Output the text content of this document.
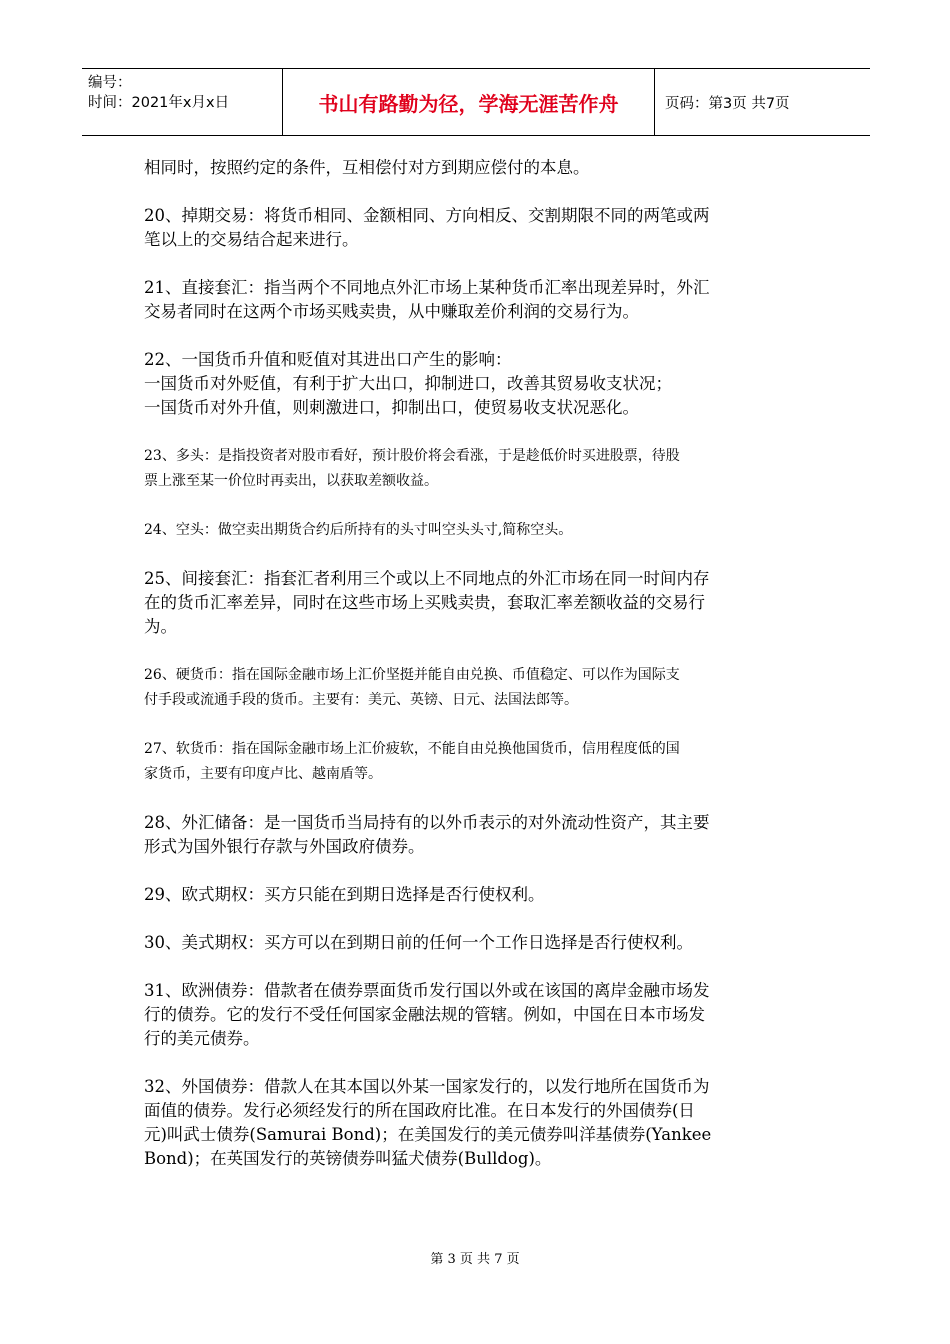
编号：
时间：2021年x月x日	书山有路勤为径，学海无涯苦作舟	页码：第3页 共7页

相同时，按照约定的条件，互相偿付对方到期应偿付的本息。

20、掉期交易：将货币相同、金额相同、方向相反、交割期限不同的两笔或两
笔以上的交易结合起来进行。

21、直接套汇：指当两个不同地点外汇市场上某种货币汇率出现差异时，外汇
交易者同时在这两个市场买贱卖贵，从中赚取差价利润的交易行为。

22、一国货币升值和贬值对其进出口产生的影响：
一国货币对外贬值，有利于扩大出口，抑制进口，改善其贸易收支状况；
一国货币对外升值，则刺激进口，抑制出口，使贸易收支状况恶化。

23、多头：是指投资者对股市看好，预计股价将会看涨，于是趁低价时买进股票，待股
票上涨至某一价位时再卖出，以获取差额收益。

24、空头：做空卖出期货合约后所持有的头寸叫空头头寸,简称空头。

25、间接套汇：指套汇者利用三个或以上不同地点的外汇市场在同一时间内存
在的货币汇率差异，同时在这些市场上买贱卖贵，套取汇率差额收益的交易行
为。

26、硬货币：指在国际金融市场上汇价坚挺并能自由兑换、币值稳定、可以作为国际支
付手段或流通手段的货币。主要有：美元、英镑、日元、法国法郎等。

27、软货币：指在国际金融市场上汇价疲软，不能自由兑换他国货币，信用程度低的国
家货币，主要有印度卢比、越南盾等。

28、外汇储备：是一国货币当局持有的以外币表示的对外流动性资产，其主要
形式为国外银行存款与外国政府债券。

29、欧式期权：买方只能在到期日选择是否行使权利。

30、美式期权：买方可以在到期日前的任何一个工作日选择是否行使权利。

31、欧洲债券：借款者在债券票面货币发行国以外或在该国的离岸金融市场发
行的债券。它的发行不受任何国家金融法规的管辖。例如，中国在日本市场发
行的美元债券。

32、外国债券：借款人在其本国以外某一国家发行的，以发行地所在国货币为
面值的债券。发行必须经发行的所在国政府比准。在日本发行的外国债券(日
元)叫武士债券(Samurai Bond)；在美国发行的美元债券叫洋基债券(Yankee
Bond)；在英国发行的英镑债券叫猛犬债券(Bulldog)。

第 3 页 共 7 页
